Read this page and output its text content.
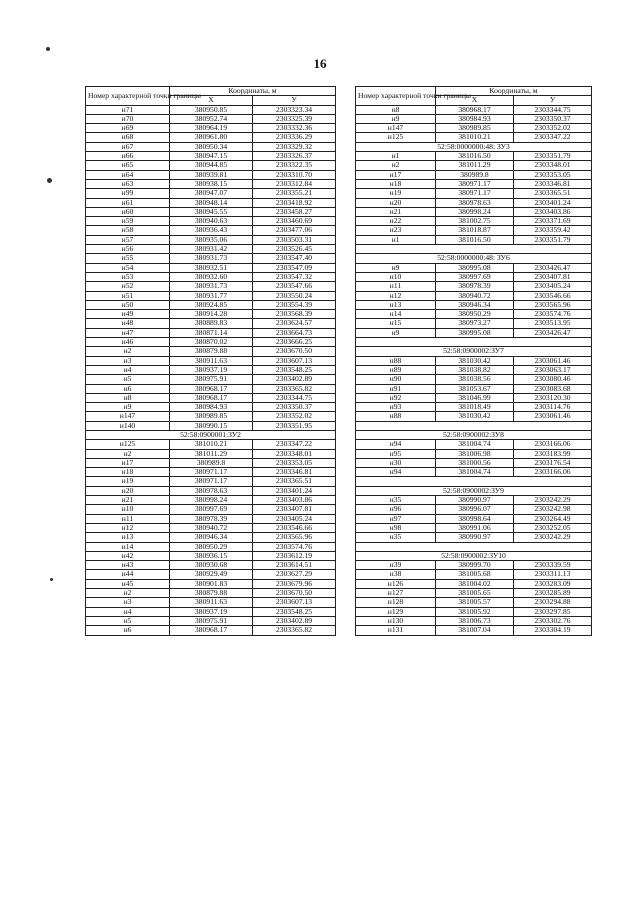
16
Номер характерной точки границы	Координаты, м	
	X	У
н71	380950.85	2303323.34
н70	380952.74	2303325.39
н69	380964.19	2303332.36
н68	380961.80	2303336.29
н67	380950.34	2303329.32
н66	380947.15	2303326.37
н65	380944.85	2303322.35
н64	380939.81	2303310.70
н63	380938.15	2303312.84
н99	380947.07	2303355.21
н61	380948.14	2303418.92
н60	380945.55	2303458.27
н59	380940.63	2303460.69
н58	380936.43	2303477.06
н57	380935.06	2303503.31
н56	380931.42	2303526.45
н55	380931.73	2303547.40
н54	380932.51	2303547.09
н53	380932.60	2303547.32
н52	380931.73	2303547.66
н51	380931.77	2303550.24
н50	380924.85	2303554.39
н49	380914.28	2303568.39
н48	380889.83	2303624.57
н47	380871.14	2303664.73
н46	380870.02	2303666.25
н2	380879.88	2303670.50
н3	380911.63	2303607.13
н4	380937.19	2303548.25
н5	380975.91	2303402.89
н6	380968.17	2303365.82
н8	380968.17	2303344.75
н9	380984.93	2303350.37
н147	380989.85	2303352.02
н140	380990.15	2303351.95
52:58:0900001:ЗУ2		
н125	381010.21	2303347.22
н2	381011.29	2303348.01
н17	380989.8	2303353.05
н18	380971.17	2303346.81
н19	380971.17	2303365.51
н20	380978.63	2303401.24
н21	380998.24	2303403.86
н10	380997.69	2303407.81
н11	380978.39	2303405.24
н12	380940.72	2303546.66
н13	380946.34	2303565.96
н14	380950.29	2303574.76
н42	380936.15	2303612.19
н43	380930.68	2303614.51
н44	380929.49	2303627.29
н45	380901.83	2303679.96
н2	380879.88	2303670.50
н3	380911.63	2303607.13
н4	380937.19	2303548.25
н5	380975.91	2303402.89
н6	380968.17	2303365.82
Номер характерной точки границы	Координаты, м	
	X	У
н8	380968.17	2303344.75
н9	380984.93	2303350.37
н147	380989.85	2303352.02
н125	381010.21	2303347.22
52:58:0000000:48: ЗУ3		
н1	381016.50	2303351.79
н2	381011.29	2303348.01
н17	380989.8	2303353.05
н18	380971.17	2303346.81
н19	380971.17	2303365.51
н20	380978.63	2303401.24
н21	380998.24	2303403.86
н22	381002.75	2303371.69
н23	381018.87	2303359.42
н1	381016.50	2303351.79

52:58:0000000:48: ЗУ6		
н9	380995.08	2303426.47
н10	380997.69	2303407.81
н11	380978.39	2303405.24
н12	380940.72	2303546.66
н13	380946.34	2303565.96
н14	380950.29	2303574.76
н15	380973.27	2303513.95
н9	380995.08	2303426.47

52:58:0900002:ЗУ7		
н88	381030.42	2303061.46
н89	381038.82	2303063.17
н90	381038.56	2303080.46
н91	381053.67	2303083.68
н92	381046.99	2303120.30
н93	381018.49	2303114.76
н88	381030.42	2303061.46

52:58:0900002:ЗУ8		
н94	381004.74	2303166.06
н95	381006.98	2303183.99
н30	381000.56	2303176.54
н94	381004.74	2303166.06

52:58:0900002:ЗУ9		
н35	380990.97	2303242.29
н96	380996.07	2303242.98
н97	380998.64	2303264.49
н98	380991.06	2303252.05
н35	380990.97	2303242.29

52:58:0900002:ЗУ10		
н39	380999.70	2303339.59
н38	381005.68	2303311.13
н126	381004.02	2303283.09
н127	381005.65	2303285.89
н128	381005.57	2303294.88
н129	381005.92	2303297.85
н130	381006.73	2303302.76
н131	381007.04	2303304.19
